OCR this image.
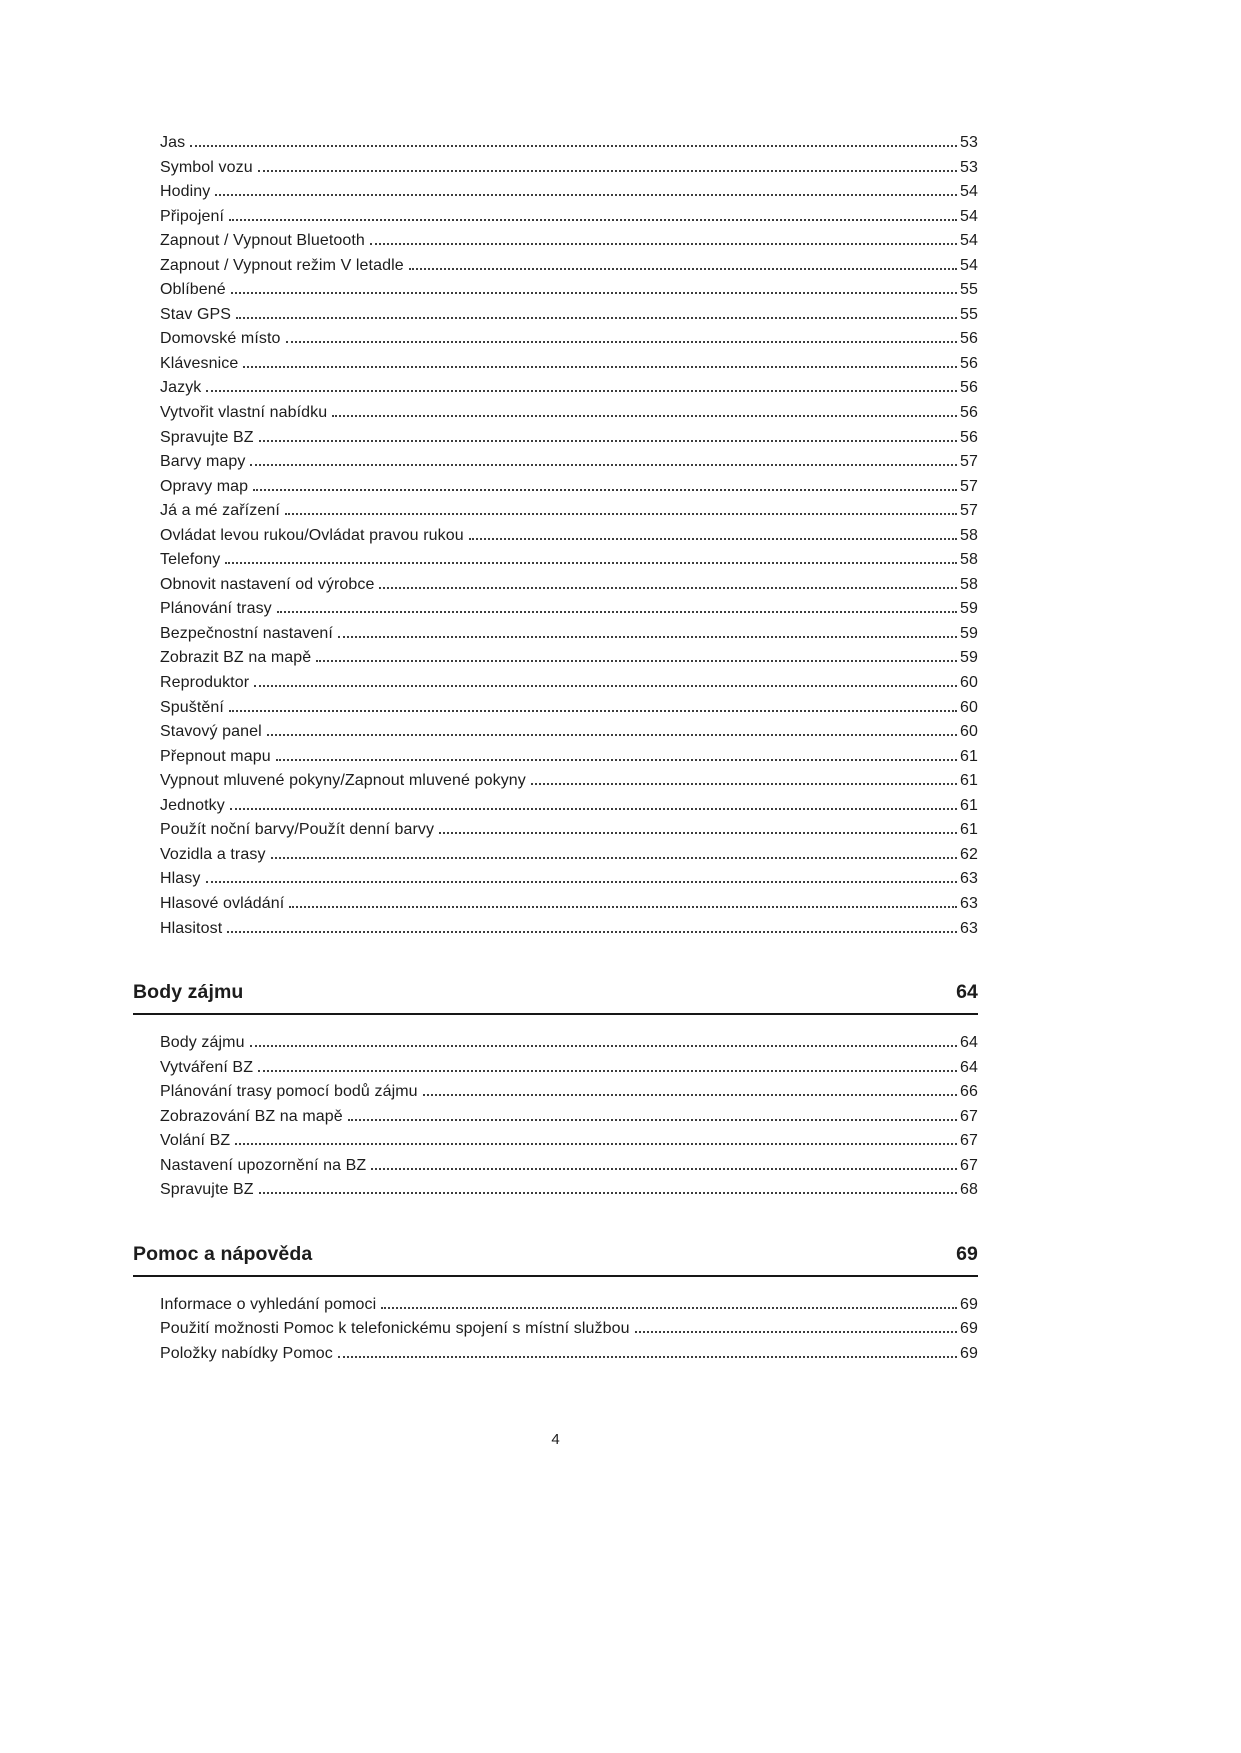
Jas	53
Symbol vozu	53
Hodiny	54
Připojení	54
Zapnout / Vypnout Bluetooth	54
Zapnout / Vypnout režim V letadle	54
Oblíbené	55
Stav GPS	55
Domovské místo	56
Klávesnice	56
Jazyk	56
Vytvořit vlastní nabídku	56
Spravujte BZ	56
Barvy mapy	57
Opravy map	57
Já a mé zařízení	57
Ovládat levou rukou/Ovládat pravou rukou	58
Telefony	58
Obnovit nastavení od výrobce	58
Plánování trasy	59
Bezpečnostní nastavení	59
Zobrazit BZ na mapě	59
Reproduktor	60
Spuštění	60
Stavový panel	60
Přepnout mapu	61
Vypnout mluvené pokyny/Zapnout mluvené pokyny	61
Jednotky	61
Použít noční barvy/Použít denní barvy	61
Vozidla a trasy	62
Hlasy	63
Hlasové ovládání	63
Hlasitost	63
Body zájmu	64
Body zájmu	64
Vytváření BZ	64
Plánování trasy pomocí bodů zájmu	66
Zobrazování BZ na mapě	67
Volání BZ	67
Nastavení upozornění na BZ	67
Spravujte BZ	68
Pomoc a nápověda	69
Informace o vyhledání pomoci	69
Použití možnosti Pomoc k telefonickému spojení s místní službou	69
Položky nabídky Pomoc	69
4
